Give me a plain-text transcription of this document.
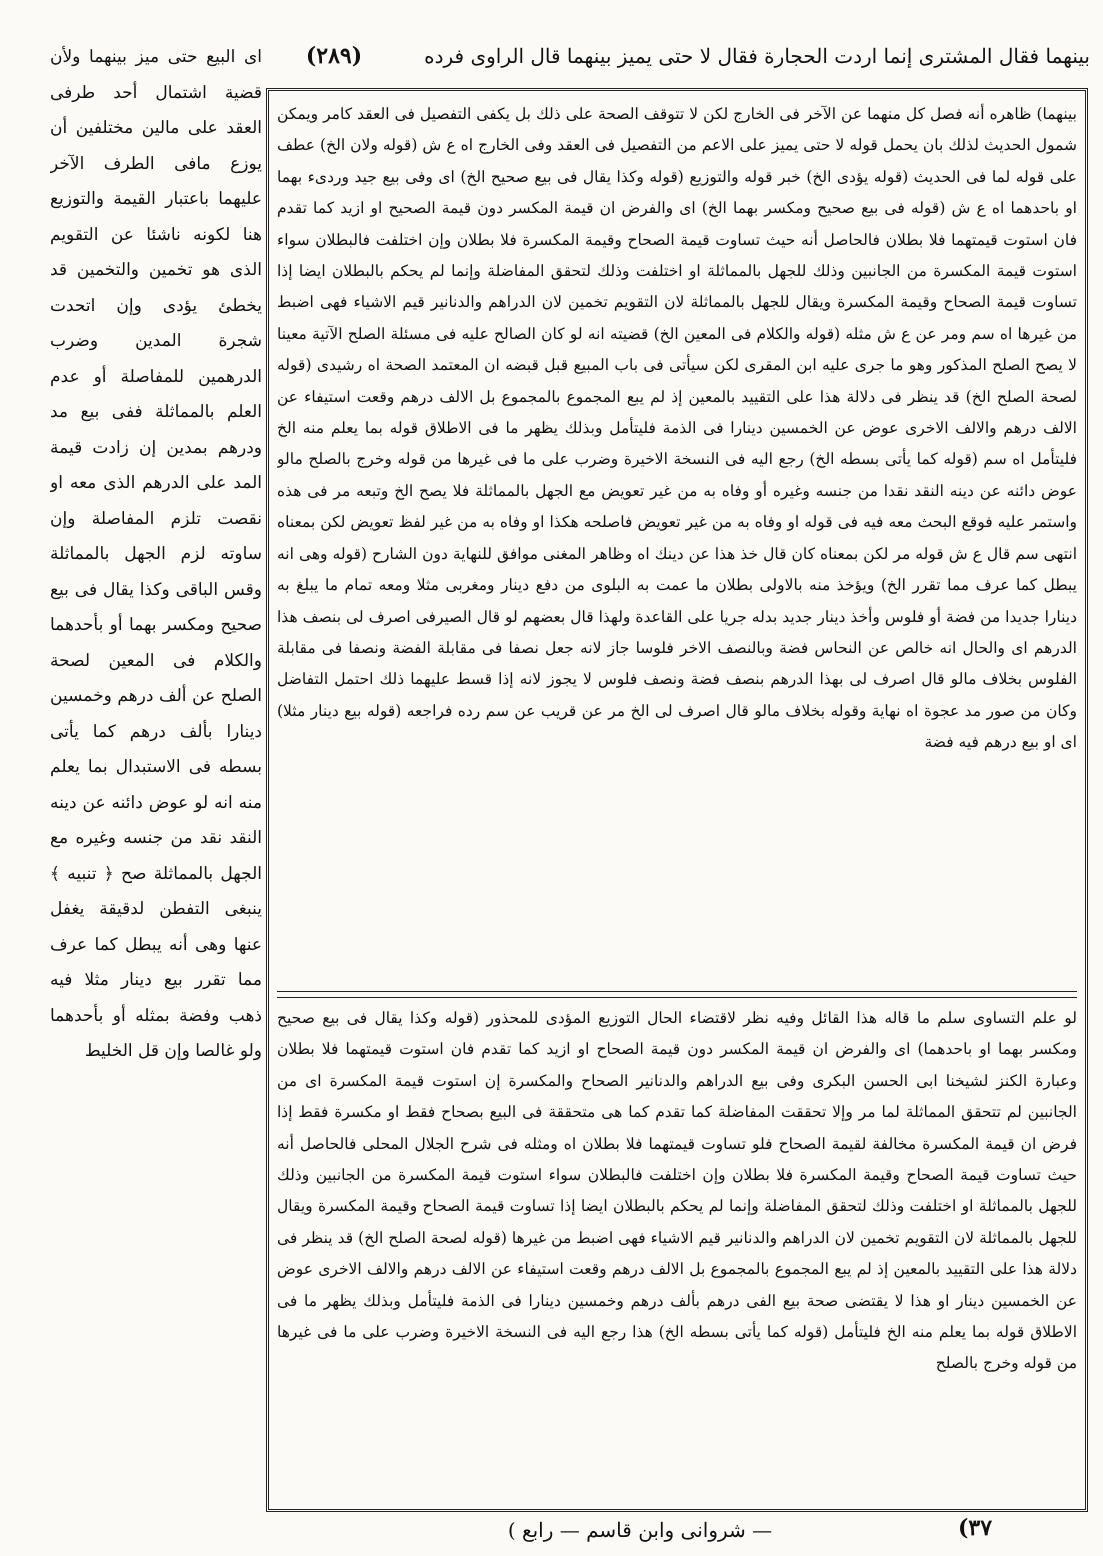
بينهما فقال المشترى إنما اردت الحجارة فقال لا حتى يميز بينهما قال الراوى فرده
(٢٨٩)
اى البيع حتى ميز بينهما ولأن قضية اشتمال أحد طرفى العقد على مالين مختلفين أن يوزع مافى الطرف الآخر عليهما باعتبار القيمة والتوزيع هنا لكونه ناشئا عن التقويم الذى هو تخمين والتخمين قد يخطئ يؤدى وإن اتحدت شجرة المدين وضرب الدرهمين للمفاصلة أو عدم العلم بالمماثلة ففى بيع مد ودرهم بمدين إن زادت قيمة المد على الدرهم الذى معه او نقصت تلزم المفاصلة وإن ساوته لزم الجهل بالمماثلة وقس الباقى وكذا يقال فى بيع صحيح ومكسر بهما أو بأحدهما والكلام فى المعين لصحة الصلح عن ألف درهم وخمسين دينارا بألف درهم كما يأتى بسطه فى الاستبدال بما يعلم منه انه لو عوض دائنه عن دينه النقد نقد من جنسه وغيره مع الجهل بالمماثلة صح ﴿ تنبيه ﴾ ينبغى التفطن لدقيقة يغفل عنها وهى أنه يبطل كما عرف مما تقرر بيع دينار مثلا فيه ذهب وفضة بمثله أو بأحدهما ولو غالصا وإن قل الخليط
بينهما) ظاهره أنه فصل كل منهما عن الآخر فى الخارج لكن لا تتوقف الصحة على ذلك بل يكفى التفصيل فى العقد كامر ويمكن شمول الحديث لذلك بان يحمل قوله لا حتى يميز على الاعم من التفصيل فى العقد وفى الخارج اه ع ش (قوله ولان الخ) عطف على قوله لما فى الحديث (قوله يؤدى الخ) خبر قوله والتوزيع (قوله وكذا يقال فى بيع صحيح الخ) اى وفى بيع جيد وردىء بهما او باحدهما اه ع ش (قوله فى بيع صحيح ومكسر بهما الخ) اى والفرض ان قيمة المكسر دون قيمة الصحيح او ازيد كما تقدم فان استوت قيمتهما فلا بطلان فالحاصل أنه حيث تساوت قيمة الصحاح وقيمة المكسرة فلا بطلان وإن اختلفت فالبطلان سواء استوت قيمة المكسرة من الجانبين وذلك للجهل بالمماثلة او اختلفت وذلك لتحقق المفاضلة وإنما لم يحكم بالبطلان ايضا إذا تساوت قيمة الصحاح وقيمة المكسرة ويقال للجهل بالمماثلة لان التقويم تخمين لان الدراهم والدنانير قيم الاشياء فهى اضبط من غيرها اه سم ومر عن ع ش مثله (قوله والكلام فى المعين الخ) قضيته انه لو كان الصالح عليه فى مسئلة الصلح الآتية معينا لا يصح الصلح المذكور وهو ما جرى عليه ابن المقرى لكن سيأتى فى باب المبيع قبل قبضه ان المعتمد الصحة اه رشيدى (قوله لصحة الصلح الخ) قد ينظر فى دلالة هذا على التقييد بالمعين إذ لم يبع المجموع بالمجموع بل الالف درهم وقعت استيفاء عن الالف درهم والالف الاخرى عوض عن الخمسين دينارا فى الذمة فليتأمل وبذلك يظهر ما فى الاطلاق قوله بما يعلم منه الخ فليتأمل اه سم (قوله كما يأتى بسطه الخ) رجع اليه فى النسخة الاخيرة وضرب على ما فى غيرها من قوله وخرج بالصلح مالو عوض دائنه عن دينه النقد نقدا من جنسه وغيره أو وفاه به من غير تعويض مع الجهل بالمماثلة فلا يصح الخ وتبعه مر فى هذه واستمر عليه فوقع البحث معه فيه فى قوله او وفاه به من غير تعويض فاصلحه هكذا او وفاه به من غير لفظ تعويض لكن بمعناه انتهى سم قال ع ش قوله مر لكن بمعناه كان قال خذ هذا عن دينك اه وظاهر المغنى موافق للنهاية دون الشارح (قوله وهى انه يبطل كما عرف مما تقرر الخ) ويؤخذ منه بالاولى بطلان ما عمت به البلوى من دفع دينار ومغربى مثلا ومعه تمام ما يبلغ به دينارا جديدا من فضة أو فلوس وأخذ دينار جديد بدله جريا على القاعدة ولهذا قال بعضهم لو قال الصيرفى اصرف لى بنصف هذا الدرهم اى والحال انه خالص عن النحاس فضة وبالنصف الاخر فلوسا جاز لانه جعل نصفا فى مقابلة الفضة ونصفا فى مقابلة الفلوس بخلاف مالو قال اصرف لى بهذا الدرهم بنصف فضة ونصف فلوس لا يجوز لانه إذا قسط عليهما ذلك احتمل التفاضل وكان من صور مد عجوة اه نهاية وقوله بخلاف مالو قال اصرف لى الخ مر عن قريب عن سم رده فراجعه (قوله بيع دينار مثلا) اى او بيع درهم فيه فضة
لو علم التساوى سلم ما قاله هذا القائل وفيه نظر لاقتضاء الحال التوزيع المؤدى للمحذور (قوله وكذا يقال فى بيع صحيح ومكسر بهما او باحدهما) اى والفرض ان قيمة المكسر دون قيمة الصحاح او ازيد كما تقدم فان استوت قيمتهما فلا بطلان وعبارة الكنز لشيخنا ابى الحسن البكرى وفى بيع الدراهم والدنانير الصحاح والمكسرة إن استوت قيمة المكسرة اى من الجانبين لم تتحقق المماثلة لما مر وإلا تحققت المفاضلة كما تقدم كما هى متحققة فى البيع بصحاح فقط او مكسرة فقط إذا فرض ان قيمة المكسرة مخالفة لقيمة الصحاح فلو تساوت قيمتهما فلا بطلان اه ومثله فى شرح الجلال المحلى فالحاصل أنه حيث تساوت قيمة الصحاح وقيمة المكسرة فلا بطلان وإن اختلفت فالبطلان سواء استوت قيمة المكسرة من الجانبين وذلك للجهل بالمماثلة او اختلفت وذلك لتحقق المفاضلة وإنما لم يحكم بالبطلان ايضا إذا تساوت قيمة الصحاح وقيمة المكسرة ويقال للجهل بالمماثلة لان التقويم تخمين لان الدراهم والدنانير قيم الاشياء فهى اضبط من غيرها (قوله لصحة الصلح الخ) قد ينظر فى دلالة هذا على التقييد بالمعين إذ لم يبع المجموع بالمجموع بل الالف درهم وقعت استيفاء عن الالف درهم والالف الاخرى عوض عن الخمسين دينار او هذا لا يقتضى صحة بيع الفى درهم بألف درهم وخمسين دينارا فى الذمة فليتأمل وبذلك يظهر ما فى الاطلاق قوله بما يعلم منه الخ فليتأمل (قوله كما يأتى بسطه الخ) هذا رجع اليه فى النسخة الاخيرة وضرب على ما فى غيرها من قوله وخرج بالصلح
(٣٧
— شروانى وابن قاسم — رابع )
